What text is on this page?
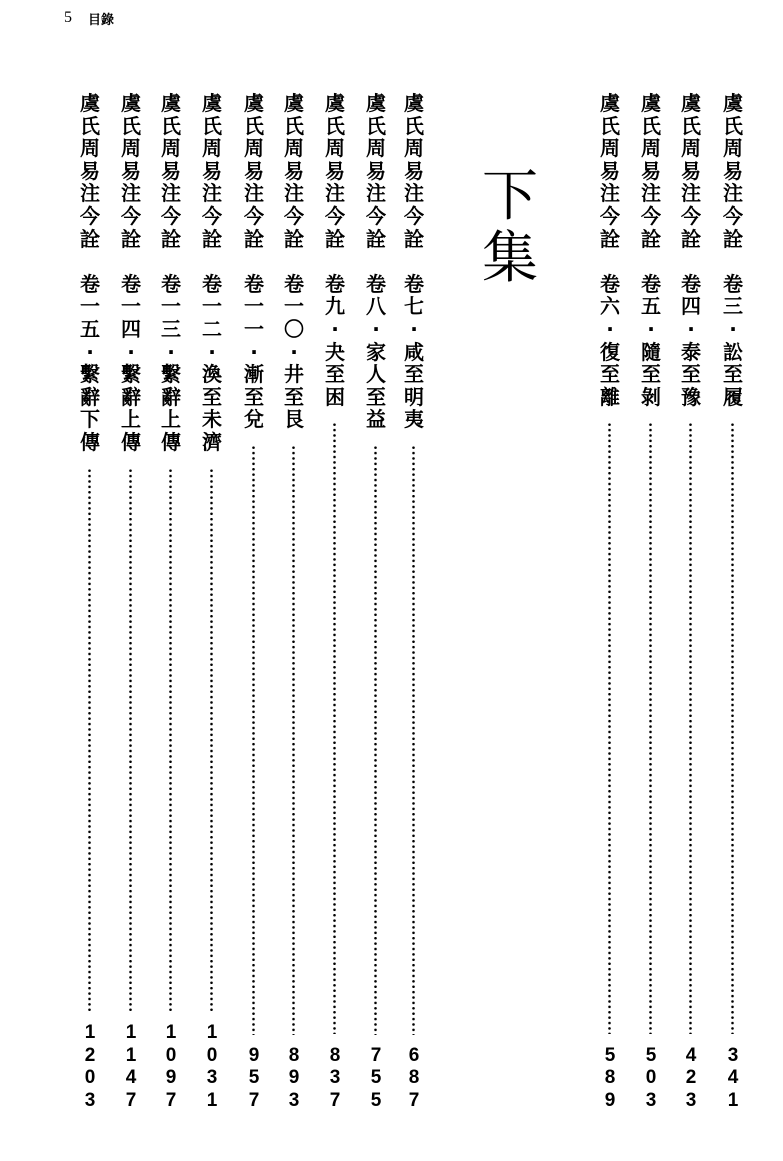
5 目錄
下
集
虞
氏
周
易
注
今
詮

卷
三
·
訟
至
履
3
4
1
虞
氏
周
易
注
今
詮

卷
四
·
泰
至
豫
4
2
3
虞
氏
周
易
注
今
詮

卷
五
·
隨
至
剝
5
0
3
虞
氏
周
易
注
今
詮

卷
六
·
復
至
離
5
8
9
虞
氏
周
易
注
今
詮

卷
七
·
咸
至
明
夷
6
8
7
虞
氏
周
易
注
今
詮

卷
八
·
家
人
至
益
7
5
5
虞
氏
周
易
注
今
詮

卷
九
·
夬
至
困
8
3
7
虞
氏
周
易
注
今
詮

卷
一
〇
·
井
至
艮
8
9
3
虞
氏
周
易
注
今
詮

卷
一
一
·
漸
至
兌
9
5
7
虞
氏
周
易
注
今
詮

卷
一
二
·
渙
至
未
濟
1
0
3
1
虞
氏
周
易
注
今
詮

卷
一
三
·
繫
辭
上
傳
1
0
9
7
虞
氏
周
易
注
今
詮

卷
一
四
·
繫
辭
上
傳
1
1
4
7
虞
氏
周
易
注
今
詮

卷
一
五
·
繫
辭
下
傳
1
2
0
3
